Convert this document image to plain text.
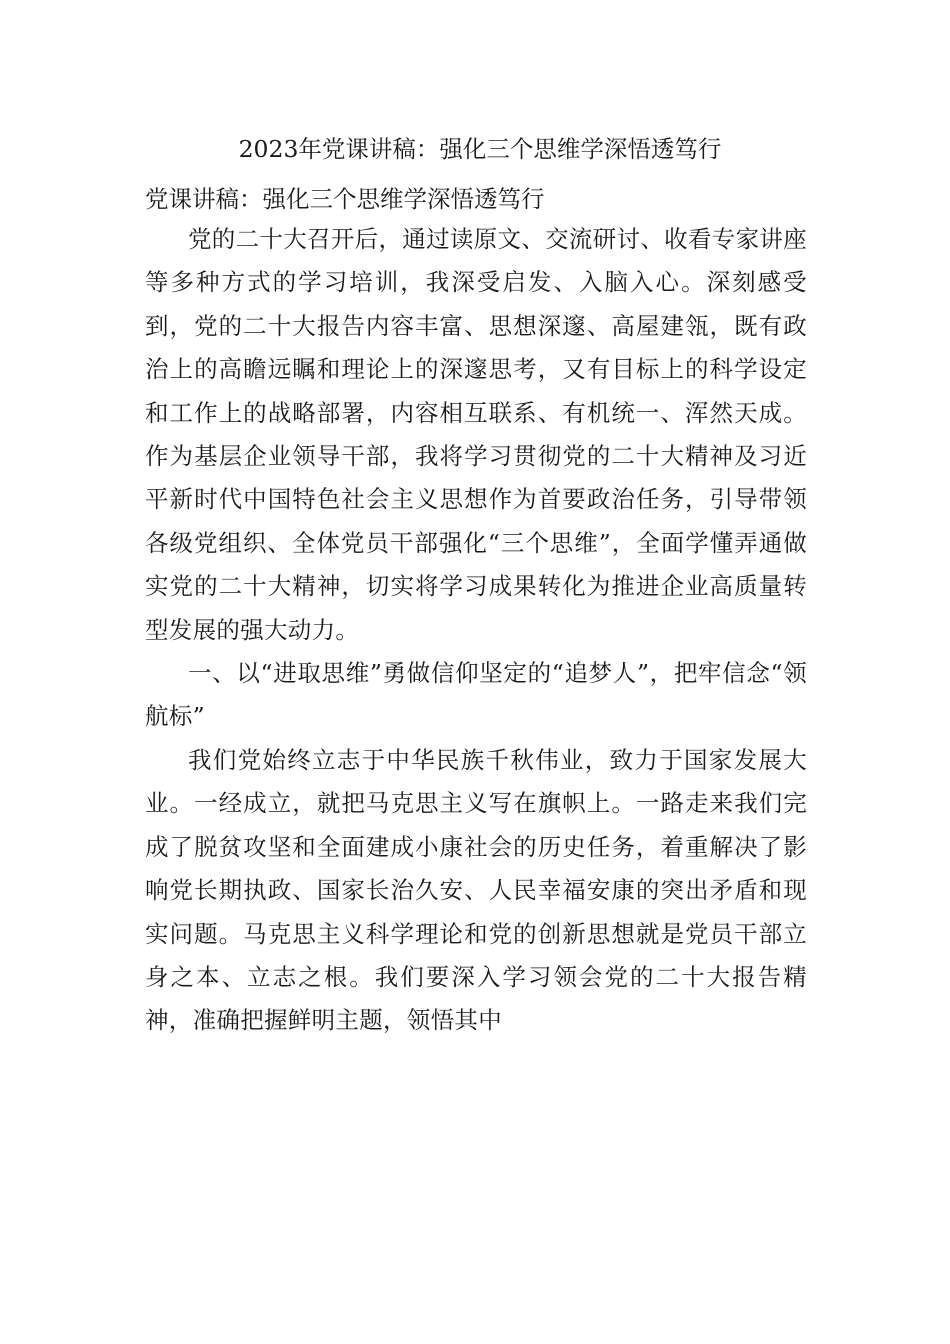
2023年党课讲稿：强化三个思维学深悟透笃行

党课讲稿：强化三个思维学深悟透笃行

党的二十大召开后，通过读原文、交流研讨、收看专家讲座等多种方式的学习培训，我深受启发、入脑入心。深刻感受到，党的二十大报告内容丰富、思想深邃、高屋建瓴，既有政治上的高瞻远瞩和理论上的深邃思考，又有目标上的科学设定和工作上的战略部署，内容相互联系、有机统一、浑然天成。作为基层企业领导干部，我将学习贯彻党的二十大精神及习近平新时代中国特色社会主义思想作为首要政治任务，引导带领各级党组织、全体党员干部强化“三个思维”，全面学懂弄通做实党的二十大精神，切实将学习成果转化为推进企业高质量转型发展的强大动力。

一、以“进取思维”勇做信仰坚定的“追梦人”，把牢信念“领航标”

我们党始终立志于中华民族千秋伟业，致力于国家发展大业。一经成立，就把马克思主义写在旗帜上。一路走来我们完成了脱贫攻坚和全面建成小康社会的历史任务，着重解决了影响党长期执政、国家长治久安、人民幸福安康的突出矛盾和现实问题。马克思主义科学理论和党的创新思想就是党员干部立身之本、立志之根。我们要深入学习领会党的二十大报告精神，准确把握鲜明主题，领悟其中
